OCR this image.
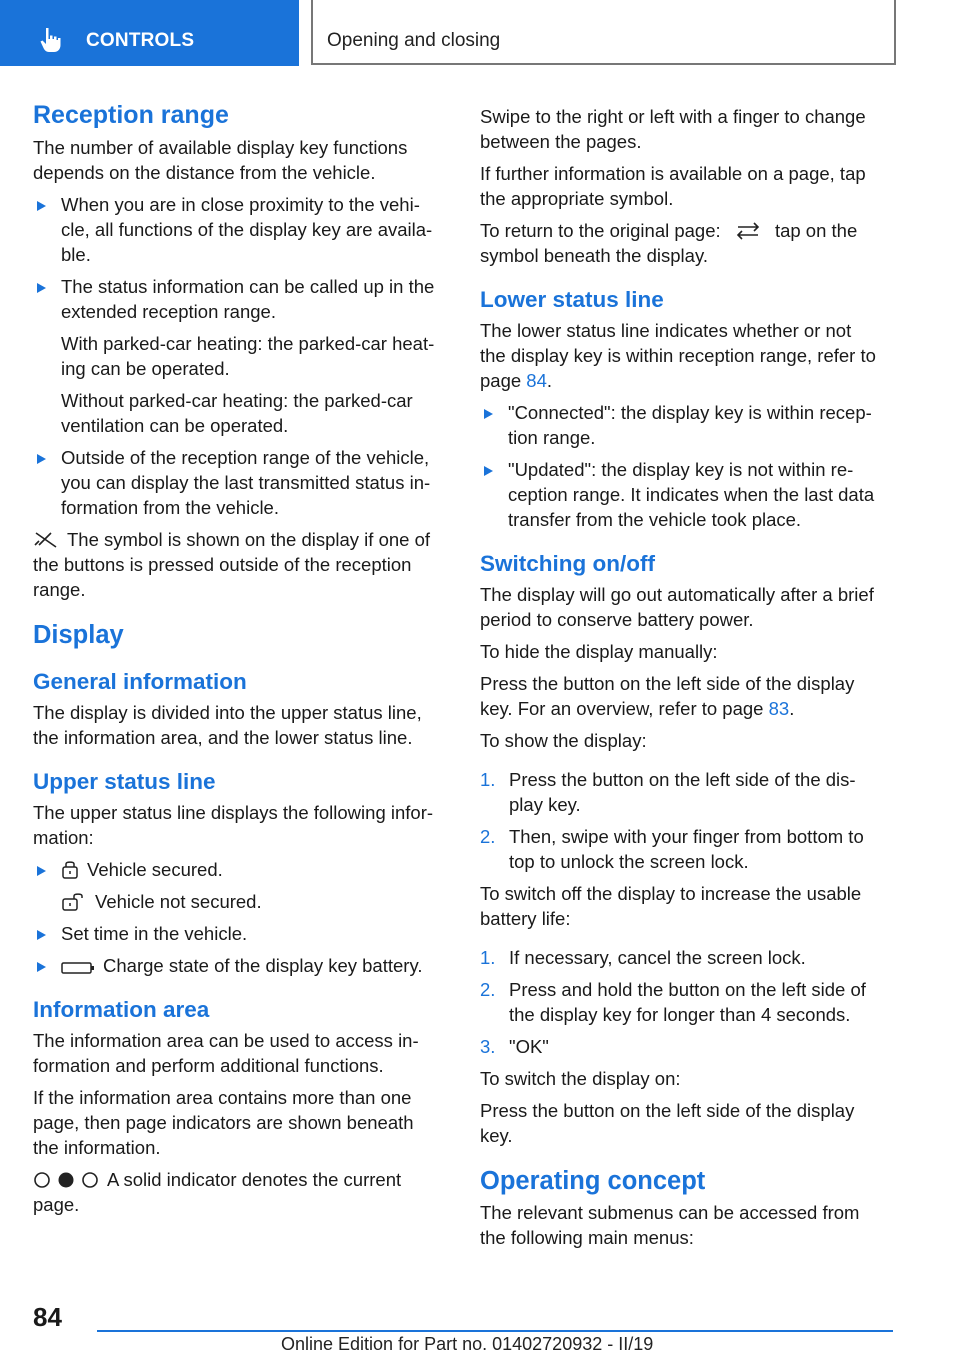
CONTROLS	Opening and closing
Reception range
The number of available display key functions depends on the distance from the vehicle.
When you are in close proximity to the vehi-
cle, all functions of the display key are availa-
ble.
The status information can be called up in the
extended reception range.
With parked-car heating: the parked-car heat-
ing can be operated.
Without parked-car heating: the parked-car
ventilation can be operated.
Outside of the reception range of the vehicle,
you can display the last transmitted status in-
formation from the vehicle.
The symbol is shown on the display if one of
the buttons is pressed outside of the reception
range.
Display
General information
The display is divided into the upper status line,
the information area, and the lower status line.
Upper status line
The upper status line displays the following infor-
mation:
Vehicle secured.
Vehicle not secured.
Set time in the vehicle.
Charge state of the display key battery.
Information area
The information area can be used to access in-
formation and perform additional functions.
If the information area contains more than one
page, then page indicators are shown beneath
the information.
A solid indicator denotes the current
page.
Swipe to the right or left with a finger to change
between the pages.
If further information is available on a page, tap
the appropriate symbol.
To return to the original page:	tap on the
symbol beneath the display.
Lower status line
The lower status line indicates whether or not
the display key is within reception range, refer to
page 84.
"Connected": the display key is within recep-
tion range.
"Updated": the display key is not within re-
ception range. It indicates when the last data
transfer from the vehicle took place.
Switching on/off
The display will go out automatically after a brief
period to conserve battery power.
To hide the display manually:
Press the button on the left side of the display
key. For an overview, refer to page 83.
To show the display:
1. Press the button on the left side of the dis-
play key.
2. Then, swipe with your finger from bottom to
top to unlock the screen lock.
To switch off the display to increase the usable
battery life:
1. If necessary, cancel the screen lock.
2. Press and hold the button on the left side of
the display key for longer than 4 seconds.
3. "OK"
To switch the display on:
Press the button on the left side of the display
key.
Operating concept
The relevant submenus can be accessed from
the following main menus:
84
Online Edition for Part no. 01402720932 - II/19
